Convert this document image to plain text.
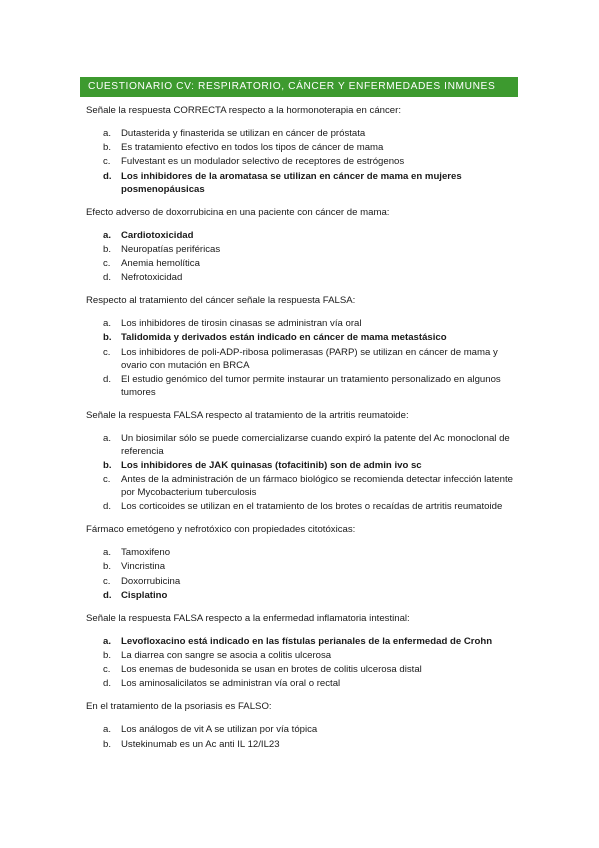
CUESTIONARIO CV: RESPIRATORIO, CÁNCER Y ENFERMEDADES INMUNES

Señale la respuesta CORRECTA respecto a la hormonoterapia en cáncer:

a. Dutasterida y finasterida se utilizan en cáncer de próstata
b. Es tratamiento efectivo en todos los tipos de cáncer de mama
c. Fulvestant es un modulador selectivo de receptores de estrógenos
d. Los inhibidores de la aromatasa se utilizan en cáncer de mama en mujeres posmenopáusicas

Efecto adverso de doxorrubicina en una paciente con cáncer de mama:

a. Cardiotoxicidad
b. Neuropatías periféricas
c. Anemia hemolítica
d. Nefrotoxicidad

Respecto al tratamiento del cáncer señale la respuesta FALSA:

a. Los inhibidores de tirosin cinasas se administran vía oral
b. Talidomida y derivados están indicado en cáncer de mama metastásico
c. Los inhibidores de poli-ADP-ribosa polimerasas (PARP) se utilizan en cáncer de mama y ovario con mutación en BRCA
d. El estudio genómico del tumor permite instaurar un tratamiento personalizado en algunos tumores

Señale la respuesta FALSA respecto al tratamiento de la artritis reumatoide:

a. Un biosimilar sólo se puede comercializarse cuando expiró la patente del Ac monoclonal de referencia
b. Los inhibidores de JAK quinasas (tofacitinib) son de admin ivo sc
c. Antes de la administración de un fármaco biológico se recomienda detectar infección latente por Mycobacterium tuberculosis
d. Los corticoides se utilizan en el tratamiento de los brotes o recaídas de artritis reumatoide

Fármaco emetógeno y nefrotóxico con propiedades citotóxicas:

a. Tamoxifeno
b. Vincristina
c. Doxorrubicina
d. Cisplatino

Señale la respuesta FALSA respecto a la enfermedad inflamatoria intestinal:

a. Levofloxacino está indicado en las fístulas perianales de la enfermedad de Crohn
b. La diarrea con sangre se asocia a colitis ulcerosa
c. Los enemas de budesonida se usan en brotes de colitis ulcerosa distal
d. Los aminosalicilatos se administran vía oral o rectal

En el tratamiento de la psoriasis es FALSO:

a. Los análogos de vit A se utilizan por vía tópica
b. Ustekinumab es un Ac anti IL 12/IL23
